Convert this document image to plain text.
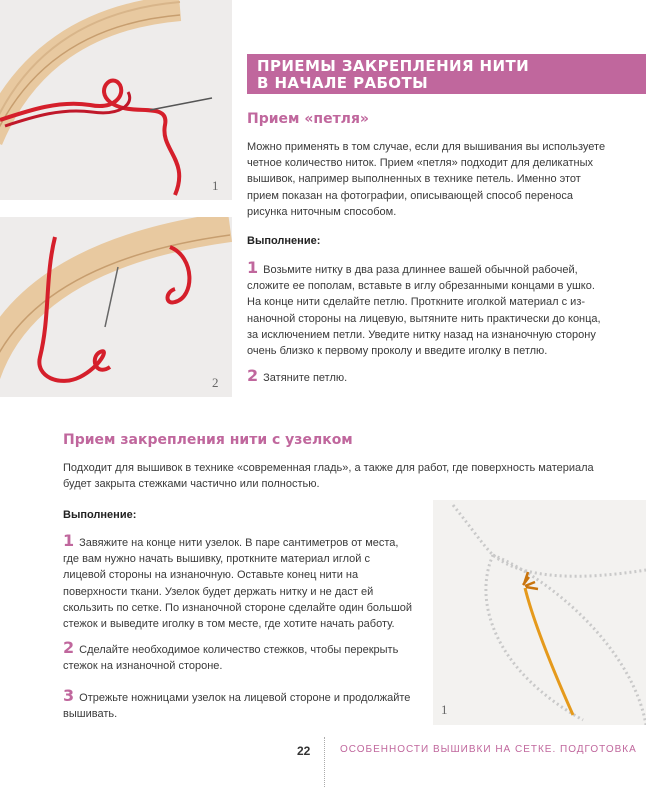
1
2
ПРИЕМЫ ЗАКРЕПЛЕНИЯ НИТИ
В НАЧАЛЕ РАБОТЫ
Прием «петля»
Можно применять в том случае, если для вышивания вы используете четное количество ниток. Прием «петля» подходит для деликатных вышивок, например выполненных в технике петель. Именно этот прием показан на фотографии, описывающей способ переноса рисунка ниточным способом.
Выполнение:
1 Возьмите нитку в два раза длиннее вашей обычной рабочей, сложите ее пополам, вставьте в иглу обрезанными концами в ушко. На конце нити сделайте петлю. Проткните иголкой материал с изнаночной стороны на лицевую, вытяните нить практически до конца, за исключением петли. Уведите нитку назад на изнаночную сторону очень близко к первому проколу и введите иголку в петлю.
2 Затяните петлю.
Прием закрепления нити с узелком
Подходит для вышивок в технике «современная гладь», а также для работ, где поверхность материала будет закрыта стежками частично или полностью.
Выполнение:
1 Завяжите на конце нити узелок. В паре сантиметров от места, где вам нужно начать вышивку, проткните материал иглой с лицевой стороны на изнаночную. Оставьте конец нити на поверхности ткани. Узелок будет держать нитку и не даст ей скользить по сетке. По изнаночной стороне сделайте один большой стежок и выведите иголку в том месте, где хотите начать работу.
2 Сделайте необходимое количество стежков, чтобы перекрыть стежок на изнаночной стороне.
3 Отрежьте ножницами узелок на лицевой стороне и продолжайте вышивать.	1
22	ОСОБЕННОСТИ ВЫШИВКИ НА СЕТКЕ. ПОДГОТОВКА
